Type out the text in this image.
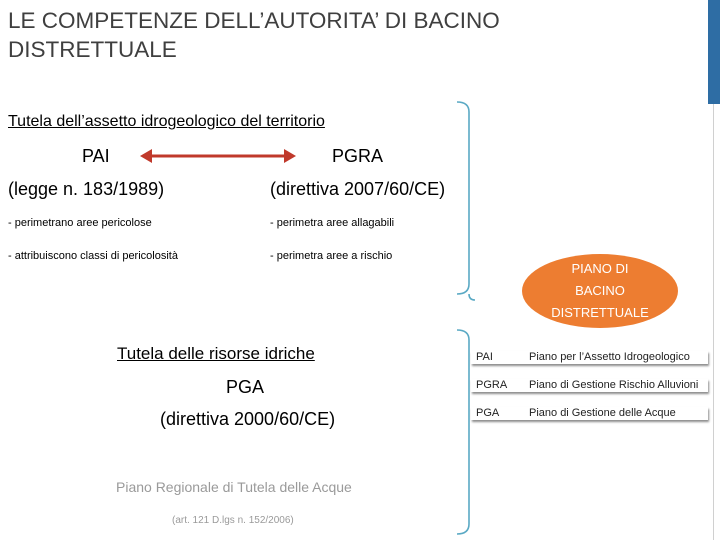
LE COMPETENZE DELL’AUTORITA’ DI BACINO DISTRETTUALE
Tutela dell’assetto idrogeologico del territorio
PAI	PGRA
(legge n. 183/1989)	(direttiva 2007/60/CE)
- perimetrano aree pericolose	- perimetra aree allagabili
- attribuiscono classi di pericolosità	- perimetra aree a rischio
PIANO DI
BACINO
DISTRETTUALE
Tutela delle risorse idriche
PGA
(direttiva 2000/60/CE)
Piano Regionale di Tutela delle Acque
(art. 121 D.lgs n. 152/2006)
PAI	Piano per l’Assetto Idrogeologico
PGRA Piano di Gestione Rischio Alluvioni
PGA	Piano di Gestione delle Acque
